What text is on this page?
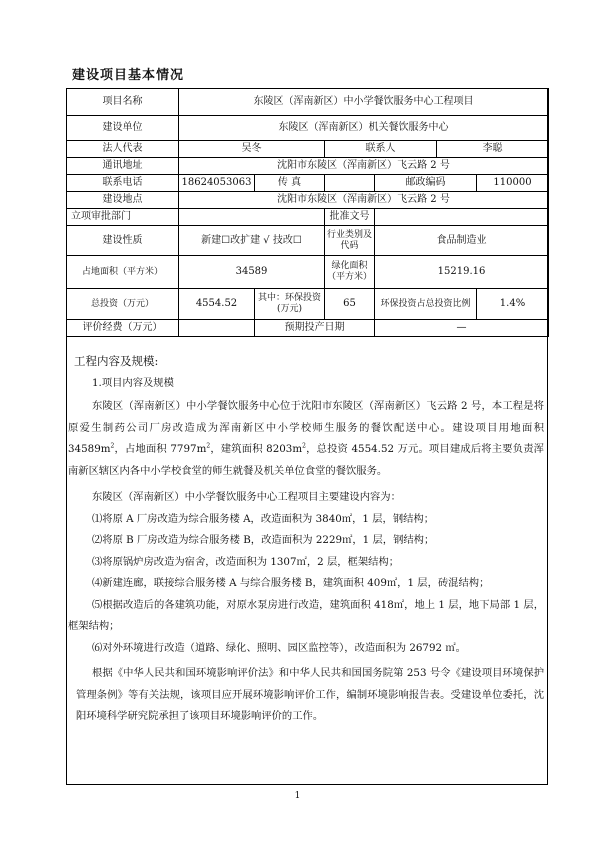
建设项目基本情况
项目名称	东陵区（浑南新区）中小学餐饮服务中心工程项目					
建设单位	东陵区（浑南新区）机关餐饮服务中心					
法人代表	吴冬		联系人		李聪	
通讯地址	沈阳市东陵区（浑南新区）飞云路 2 号					
联系电话	18624053063	传 真		邮政编码		110000
建设地点	沈阳市东陵区（浑南新区）飞云路 2 号					
立项审批部门			批准文号			
建设性质	新建☐改扩建 √ 技改☐		行业类别及代码	食品制造业		
占地面积（平方米）	34589		绿化面积（平方米）	15219.16		
总投资（万元）	4554.52	其中：环保投资(万元)	65	环保投资占总投资比例		1.4%
评价经费（万元）		预期投产日期		—		
工程内容及规模:
1.项目内容及规模

东陵区（浑南新区）中小学餐饮服务中心位于沈阳市东陵区（浑南新区）飞云路 2 号，本工程是将原爱生制药公司厂房改造成为浑南新区中小学校师生服务的餐饮配送中心。建设项目用地面积 $34589m^2$，占地面积 $7797m^2$，建筑面积 $8203m^2$，总投资 4554.52 万元。项目建成后将主要负责浑南新区辖区内各中小学校食堂的师生就餐及机关单位食堂的餐饮服务。

东陵区（浑南新区）中小学餐饮服务中心工程项目主要建设内容为：

⑴将原 A 厂房改造为综合服务楼 A，改造面积为 3840㎡，1 层，钢结构；

⑵将原 B 厂房改造为综合服务楼 B，改造面积为 2229㎡，1 层，钢结构；

⑶将原锅炉房改造为宿舍，改造面积为 1307㎡，2 层，框架结构；

⑷新建连廊，联接综合服务楼 A 与综合服务楼 B，建筑面积 409㎡，1 层，砖混结构；

⑸根据改造后的各建筑功能，对原水泵房进行改造，建筑面积 418㎡，地上 1 层，地下局部 1 层，框架结构；

⑹对外环境进行改造（道路、绿化、照明、园区监控等），改造面积为 26792 ㎡。

根据《中华人民共和国环境影响评价法》和中华人民共和国国务院第 253 号令《建设项目环境保护管理条例》等有关法规，该项目应开展环境影响评价工作，编制环境影响报告表。受建设单位委托，沈阳环境科学研究院承担了该项目环境影响评价的工作。

1
